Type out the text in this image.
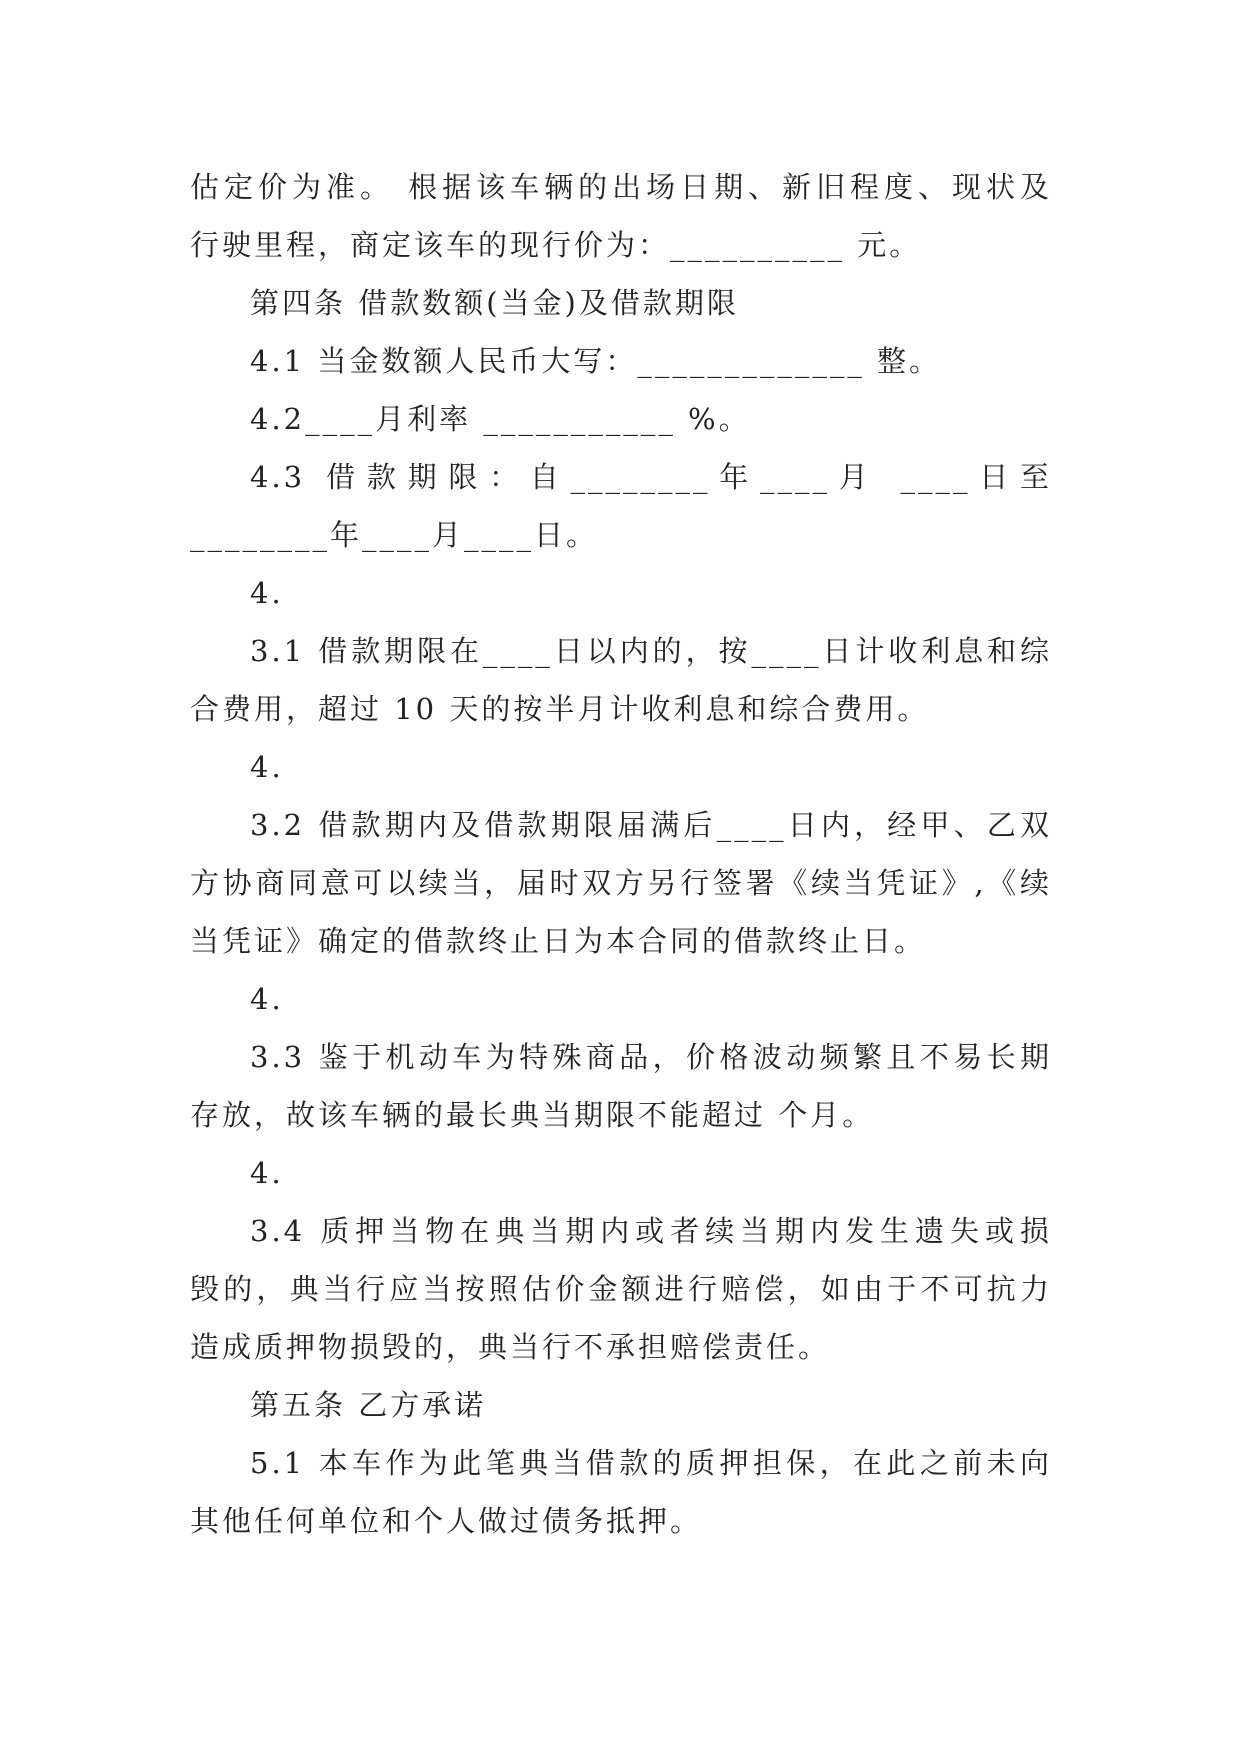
估定价为准。 根据该车辆的出场日期、新旧程度、现状及

行驶里程，商定该车的现行价为：__________ 元。

第四条 借款数额(当金)及借款期限

4.1 当金数额人民币大写：_____________ 整。

4.2____月利率 ___________ %。

4.3 借款期限：自________年____月 ____日至

________年____月____日。

4.

3.1 借款期限在____日以内的，按____日计收利息和综

合费用，超过 10 天的按半月计收利息和综合费用。

4.

3.2 借款期内及借款期限届满后____日内，经甲、乙双

方协商同意可以续当，届时双方另行签署《续当凭证》,《续

当凭证》确定的借款终止日为本合同的借款终止日。

4.

3.3 鉴于机动车为特殊商品，价格波动频繁且不易长期

存放，故该车辆的最长典当期限不能超过 个月。

4.

3.4 质押当物在典当期内或者续当期内发生遗失或损

毁的，典当行应当按照估价金额进行赔偿，如由于不可抗力

造成质押物损毁的，典当行不承担赔偿责任。

第五条 乙方承诺

5.1 本车作为此笔典当借款的质押担保，在此之前未向

其他任何单位和个人做过债务抵押。
